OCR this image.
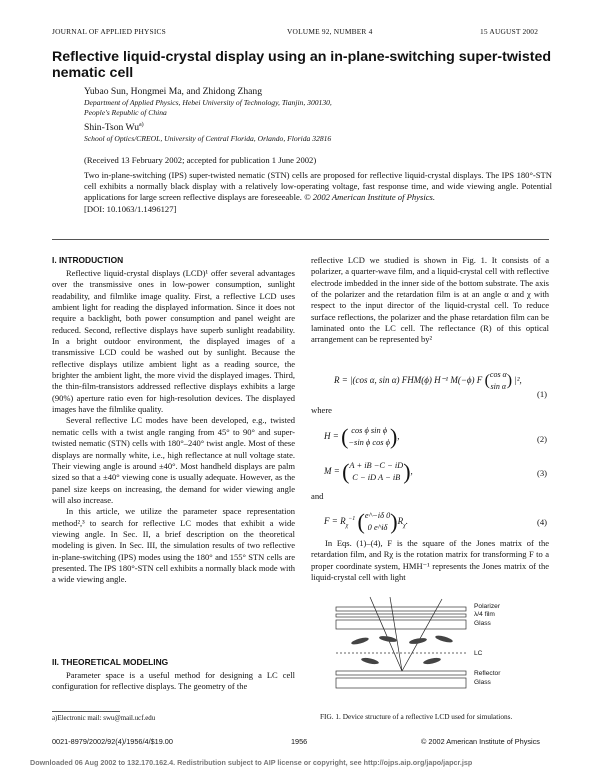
JOURNAL OF APPLIED PHYSICS	VOLUME 92, NUMBER 4	15 AUGUST 2002
Reflective liquid-crystal display using an in-plane-switching super-twisted nematic cell
Yubao Sun, Hongmei Ma, and Zhidong Zhang
Department of Applied Physics, Hebei University of Technology, Tianjin, 300130,
People's Republic of China
Shin-Tson Wu$^{a)}$
School of Optics/CREOL, University of Central Florida, Orlando, Florida 32816
(Received 13 February 2002; accepted for publication 1 June 2002)

Two in-plane-switching (IPS) super-twisted nematic (STN) cells are proposed for reflective liquid-crystal displays. The IPS 180°-STN cell exhibits a normally black display with a relatively low-operating voltage, fast response time, and wide viewing angle. Potential applications for large screen reflective displays are foreseeable. © 2002 American Institute of Physics.

[DOI: 10.1063/1.1496127]

I. INTRODUCTION

Reflective liquid-crystal displays (LCD)¹ offer several advantages over the transmissive ones in low-power consumption, sunlight readability, and filmlike image quality. First, a reflective LCD uses ambient light for reading the displayed information. Since it does not require a backlight, both power consumption and panel weight are reduced. Second, reflective displays have superb sunlight readability. In a bright outdoor environment, the displayed images of a transmissive LCD could be washed out by sunlight. Because the reflective displays utilize ambient light as a reading source, the brighter the ambient light, the more vivid the displayed images. Third, the thin-film-transistors addressed reflective displays exhibits a large (90%) aperture ratio even for high-resolution devices. The displayed images have the filmlike quality.

Several reflective LC modes have been developed, e.g., twisted nematic cells with a twist angle ranging from 45° to 90° and super-twisted nematic (STN) cells with 180°–240° twist angle. Most of these displays are normally white, i.e., high reflectance at null voltage state. Their viewing angle is around ±40°. Most handheld displays are palm sized so that a ±40° viewing cone is usually adequate. However, as the panel size keeps on increasing, the demand for wider viewing angle will also increase.

In this article, we utilize the parameter space representation method²,³ to search for reflective LC modes that exhibit a wide viewing angle. In Sec. II, a brief description on the theoretical modeling is given. In Sec. III, the simulation results of two reflective in-plane-switching (IPS) modes using the 180° and 155° STN cells are presented. The IPS 180°-STN cell exhibits a normally black mode with a wide viewing angle.

II. THEORETICAL MODELING

Parameter space is a useful method for designing a LC cell configuration for reflective displays. The geometry of the

reflective LCD we studied is shown in Fig. 1. It consists of a polarizer, a quarter-wave film, and a liquid-crystal cell with reflective electrode imbedded in the inner side of the bottom substrate. The axis of the polarizer and the retardation film is at an angle α and χ with respect to the input director of the liquid-crystal cell. To reduce surface reflections, the polarizer and the phase retardation film can be laminated onto the LC cell. The reflectance (R) of this optical arrangement can be represented by²

R = |(cos α, sin α) FHM(ϕ) H⁻¹ M(−ϕ) F (cos α
sin α) |²,
(1)
where
H = ( cos ϕ sin ϕ
−sin ϕ cos ϕ),	(2)
M = (A + iB −C − iD
C − iD A − iB ),	(3)
and
$F = R_\chi^{-1}$ (e^−iδ 0
0 e^iδ )$R_\chi$.	(4)

In Eqs. (1)–(4), F is the square of the Jones matrix of the retardation film, and Rχ is the rotation matrix for transforming F to a proper coordinate system, HMH⁻¹ represents the Jones matrix of the liquid-crystal cell with light

Polarizer
λ/4 film
Glass
LC
Reflector
Glass
FIG. 1. Device structure of a reflective LCD used for simulations.
a)Electronic mail: swu@mail.ucf.edu
0021-8979/2002/92(4)/1956/4/$19.00	1956	© 2002 American Institute of Physics
Downloaded 06 Aug 2002 to 132.170.162.4. Redistribution subject to AIP license or copyright, see http://ojps.aip.org/japo/japcr.jsp
